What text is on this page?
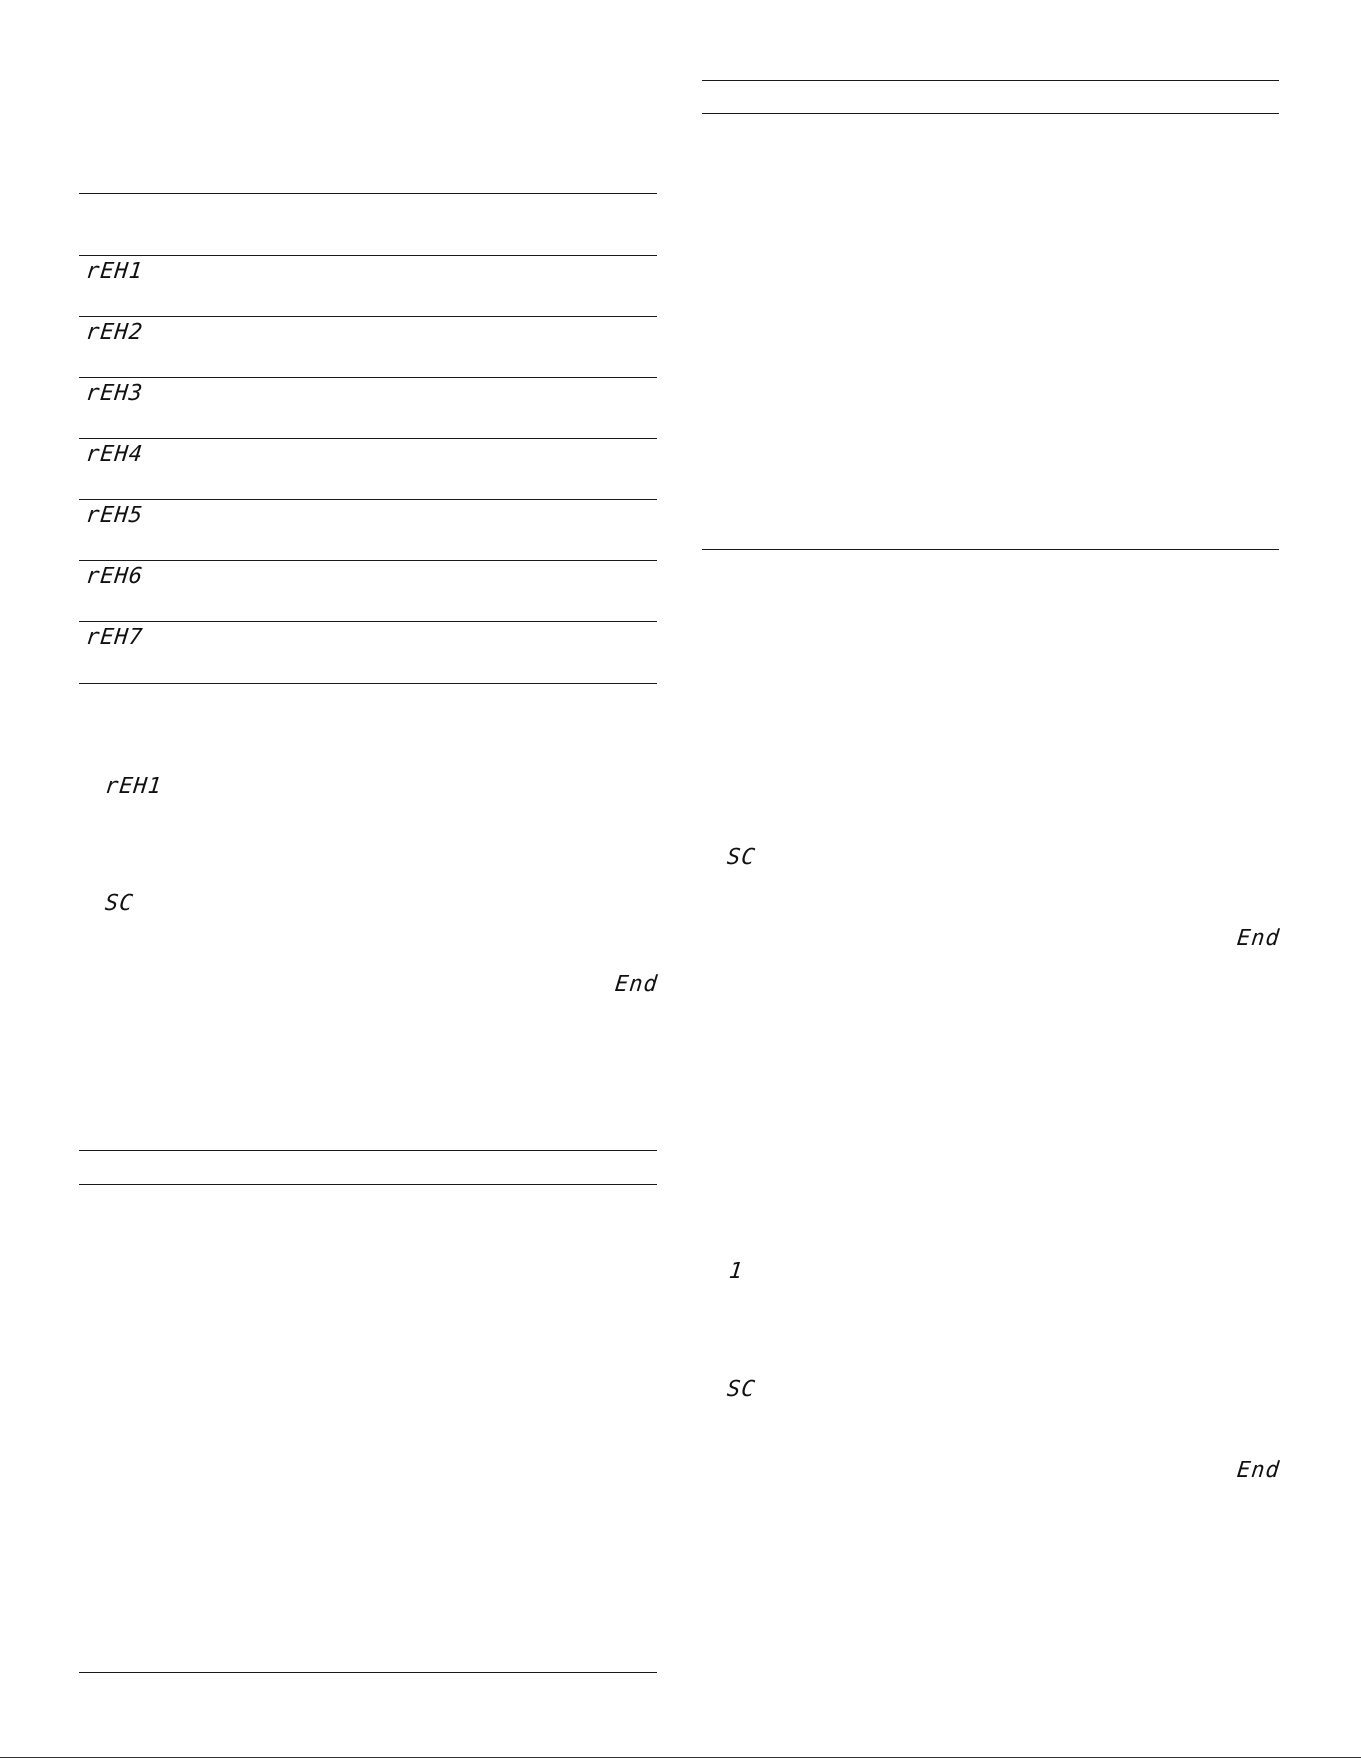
rEH1
rEH2
rEH3
rEH4
rEH5
rEH6
rEH7
rEH1
SC
End
SC
End
1
SC
End
